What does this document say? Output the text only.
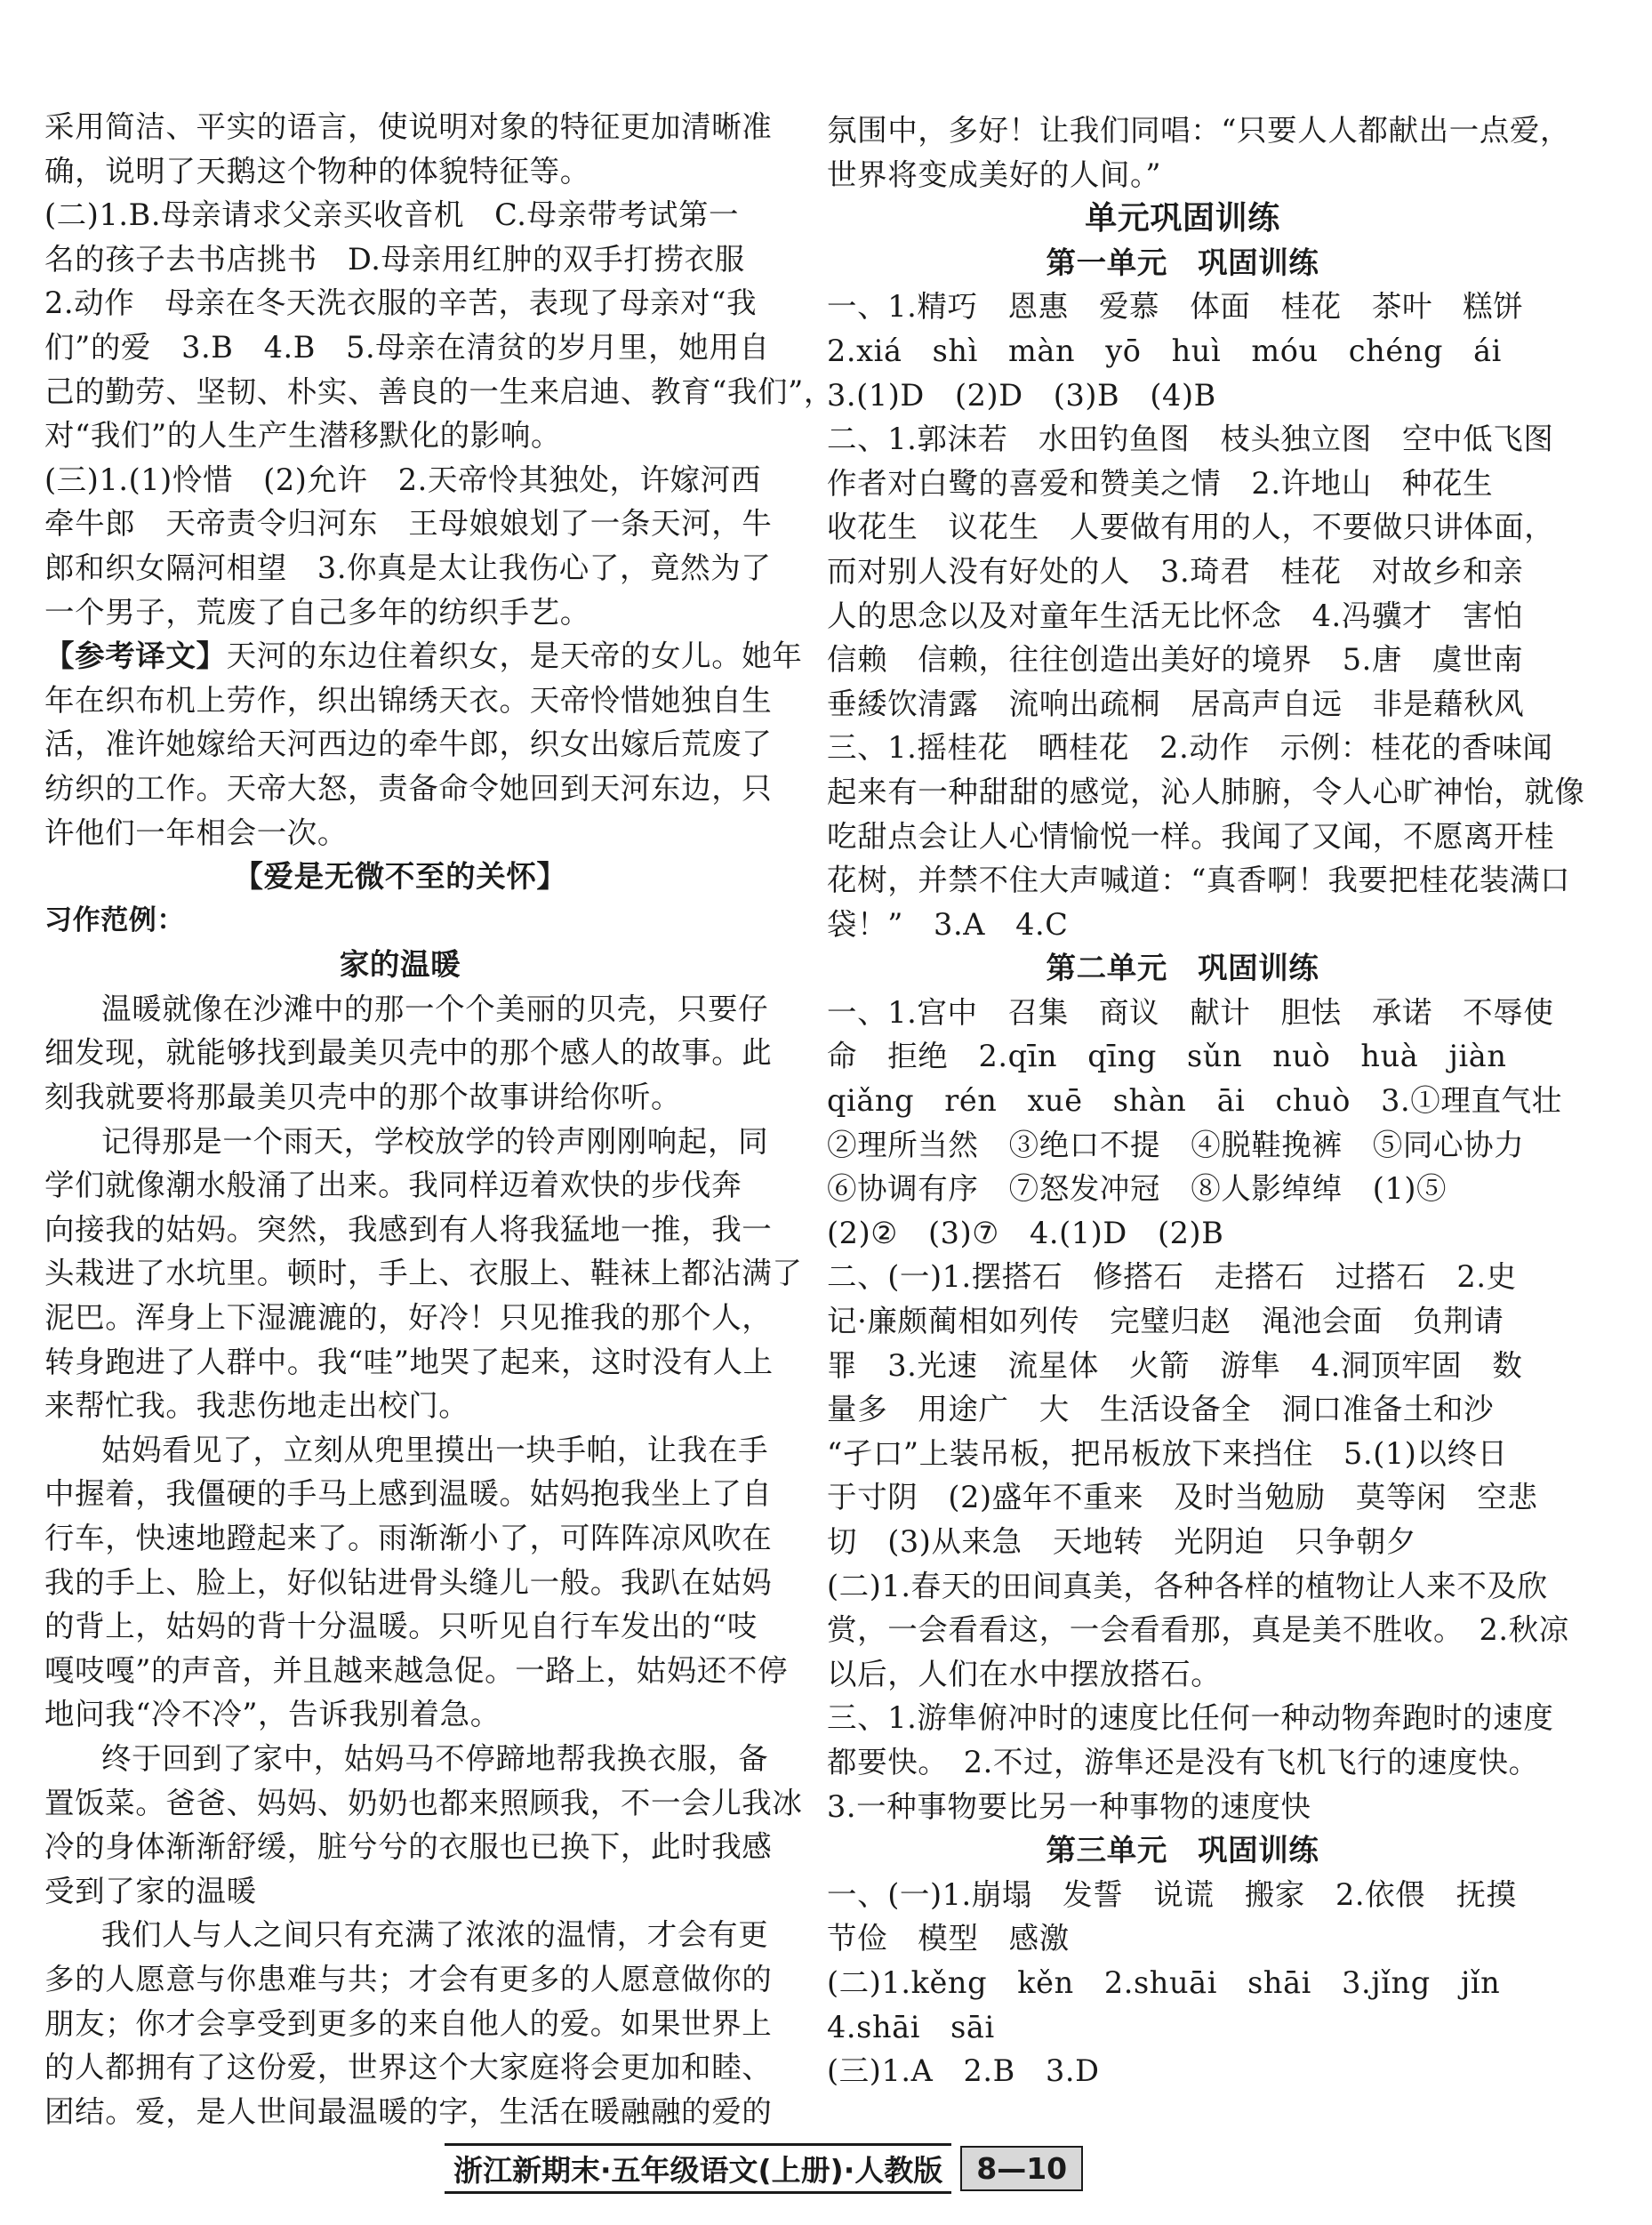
采用简洁、平实的语言，使说明对象的特征更加清晰准
确，说明了天鹅这个物种的体貌特征等。
(二)1.B.母亲请求父亲买收音机　C.母亲带考试第一
名的孩子去书店挑书　D.母亲用红肿的双手打捞衣服
2.动作　母亲在冬天洗衣服的辛苦，表现了母亲对“我
们”的爱　3.B　4.B　5.母亲在清贫的岁月里，她用自
己的勤劳、坚韧、朴实、善良的一生来启迪、教育“我们”，
对“我们”的人生产生潜移默化的影响。
(三)1.(1)怜惜　(2)允许　2.天帝怜其独处，许嫁河西
牵牛郎　天帝责令归河东　王母娘娘划了一条天河，牛
郎和织女隔河相望　3.你真是太让我伤心了，竟然为了
一个男子，荒废了自己多年的纺织手艺。
【参考译文】天河的东边住着织女，是天帝的女儿。她年
年在织布机上劳作，织出锦绣天衣。天帝怜惜她独自生
活，准许她嫁给天河西边的牵牛郎，织女出嫁后荒废了
纺织的工作。天帝大怒，责备命令她回到天河东边，只
许他们一年相会一次。
【爱是无微不至的关怀】
习作范例：
家的温暖
温暖就像在沙滩中的那一个个美丽的贝壳，只要仔
细发现，就能够找到最美贝壳中的那个感人的故事。此
刻我就要将那最美贝壳中的那个故事讲给你听。
记得那是一个雨天，学校放学的铃声刚刚响起，同
学们就像潮水般涌了出来。我同样迈着欢快的步伐奔
向接我的姑妈。突然，我感到有人将我猛地一推，我一
头栽进了水坑里。顿时，手上、衣服上、鞋袜上都沾满了
泥巴。浑身上下湿漉漉的，好冷！只见推我的那个人，
转身跑进了人群中。我“哇”地哭了起来，这时没有人上
来帮忙我。我悲伤地走出校门。
姑妈看见了，立刻从兜里摸出一块手帕，让我在手
中握着，我僵硬的手马上感到温暖。姑妈抱我坐上了自
行车，快速地蹬起来了。雨渐渐小了，可阵阵凉风吹在
我的手上、脸上，好似钻进骨头缝儿一般。我趴在姑妈
的背上，姑妈的背十分温暖。只听见自行车发出的“吱
嘎吱嘎”的声音，并且越来越急促。一路上，姑妈还不停
地问我“冷不冷”，告诉我别着急。
终于回到了家中，姑妈马不停蹄地帮我换衣服，备
置饭菜。爸爸、妈妈、奶奶也都来照顾我，不一会儿我冰
冷的身体渐渐舒缓，脏兮兮的衣服也已换下，此时我感
受到了家的温暖
我们人与人之间只有充满了浓浓的温情，才会有更
多的人愿意与你患难与共；才会有更多的人愿意做你的
朋友；你才会享受到更多的来自他人的爱。如果世界上
的人都拥有了这份爱，世界这个大家庭将会更加和睦、
团结。爱，是人世间最温暖的字，生活在暖融融的爱的
氛围中，多好！让我们同唱：“只要人人都献出一点爱，
世界将变成美好的人间。”
单元巩固训练
第一单元　巩固训练
一、1.精巧　恩惠　爱慕　体面　桂花　茶叶　糕饼
2.xiá　shì　màn　yō　huì　móu　chéng　ái
3.(1)D　(2)D　(3)B　(4)B
二、1.郭沫若　水田钓鱼图　枝头独立图　空中低飞图
作者对白鹭的喜爱和赞美之情　2.许地山　种花生
收花生　议花生　人要做有用的人，不要做只讲体面，
而对别人没有好处的人　3.琦君　桂花　对故乡和亲
人的思念以及对童年生活无比怀念　4.冯骥才　害怕
信赖　信赖，往往创造出美好的境界　5.唐　虞世南
垂緌饮清露　流响出疏桐　居高声自远　非是藉秋风
三、1.摇桂花　晒桂花　2.动作　示例：桂花的香味闻
起来有一种甜甜的感觉，沁人肺腑，令人心旷神怡，就像
吃甜点会让人心情愉悦一样。我闻了又闻，不愿离开桂
花树，并禁不住大声喊道：“真香啊！我要把桂花装满口
袋！”　3.A　4.C
第二单元　巩固训练
一、1.宫中　召集　商议　献计　胆怯　承诺　不辱使
命　拒绝　2.qīn　qīng　sǔn　nuò　huà　jiàn
qiǎng　rén　xuē　shàn　āi　chuò　3.①理直气壮
②理所当然　③绝口不提　④脱鞋挽裤　⑤同心协力
⑥协调有序　⑦怒发冲冠　⑧人影绰绰　(1)⑤
(2)②　(3)⑦　4.(1)D　(2)B
二、(一)1.摆搭石　修搭石　走搭石　过搭石　2.史
记·廉颇蔺相如列传　完璧归赵　渑池会面　负荆请
罪　3.光速　流星体　火箭　游隼　4.洞顶牢固　数
量多　用途广　大　生活设备全　洞口准备土和沙
“孑口”上装吊板，把吊板放下来挡住　5.(1)以终日
于寸阴　(2)盛年不重来　及时当勉励　莫等闲　空悲
切　(3)从来急　天地转　光阴迫　只争朝夕
(二)1.春天的田间真美，各种各样的植物让人来不及欣
赏，一会看看这，一会看看那，真是美不胜收。　2.秋凉
以后，人们在水中摆放搭石。
三、1.游隼俯冲时的速度比任何一种动物奔跑时的速度
都要快。　2.不过，游隼还是没有飞机飞行的速度快。
3.一种事物要比另一种事物的速度快
第三单元　巩固训练
一、(一)1.崩塌　发誓　说谎　搬家　2.依偎　抚摸
节俭　模型　感激
(二)1.kěng　kěn　2.shuāi　shāi　3.jǐng　jǐn
4.shāi　sāi
(三)1.A　2.B　3.D
浙江新期末·五年级语文(上册)·人教版	8—10
